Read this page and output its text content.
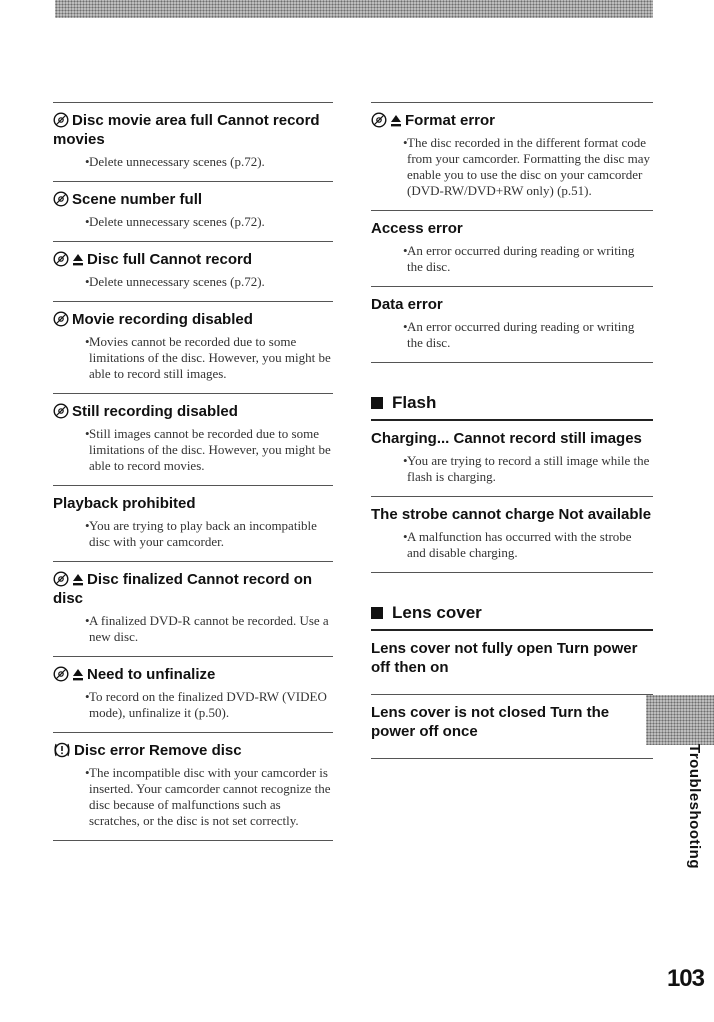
Disc movie area full Cannot record movies

• Delete unnecessary scenes (p.72).

Scene number full

• Delete unnecessary scenes (p.72).

Disc full Cannot record

• Delete unnecessary scenes (p.72).

Movie recording disabled

• Movies cannot be recorded due to some limitations of the disc. However, you might be able to record still images.

Still recording disabled

• Still images cannot be recorded due to some limitations of the disc. However, you might be able to record movies.

Playback prohibited

• You are trying to play back an incompatible disc with your camcorder.

Disc finalized Cannot record on disc

• A finalized DVD-R cannot be recorded. Use a new disc.

Need to unfinalize

• To record on the finalized DVD-RW (VIDEO mode), unfinalize it (p.50).

Disc error Remove disc

• The incompatible disc with your camcorder is inserted. Your camcorder cannot recognize the disc because of malfunctions such as scratches, or the disc is not set correctly.

Format error

• The disc recorded in the different format code from your camcorder. Formatting the disc may enable you to use the disc on your camcorder (DVD-RW/DVD+RW only) (p.51).

Access error

• An error occurred during reading or writing the disc.

Data error

• An error occurred during reading or writing the disc.

Flash

Charging... Cannot record still images

• You are trying to record a still image while the flash is charging.

The strobe cannot charge Not available

• A malfunction has occurred with the strobe and disable charging.

Lens cover

Lens cover not fully open Turn power off then on

Lens cover is not closed Turn the power off once

Troubleshooting
103
